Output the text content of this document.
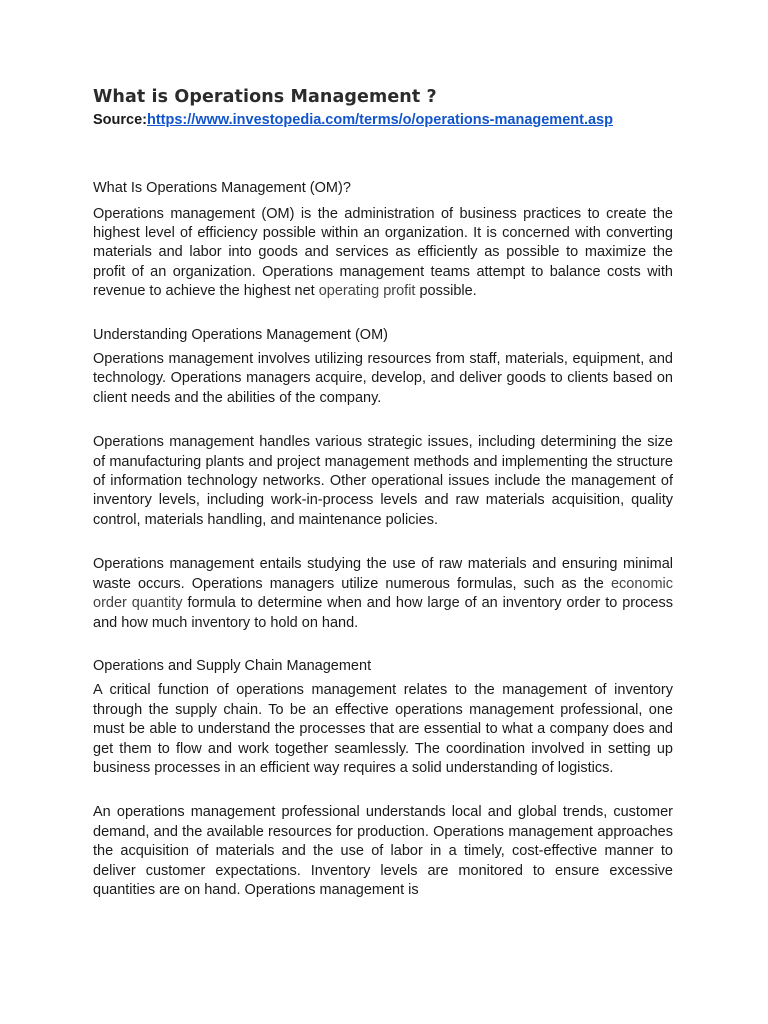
What is Operations Management ?

Source:https://www.investopedia.com/terms/o/operations-management.asp

What Is Operations Management (OM)?

Operations management (OM) is the administration of business practices to create the highest level of efficiency possible within an organization. It is concerned with converting materials and labor into goods and services as efficiently as possible to maximize the profit of an organization. Operations management teams attempt to balance costs with revenue to achieve the highest net operating profit possible.

Understanding Operations Management (OM)

Operations management involves utilizing resources from staff, materials, equipment, and technology. Operations managers acquire, develop, and deliver goods to clients based on client needs and the abilities of the company.

Operations management handles various strategic issues, including determining the size of manufacturing plants and project management methods and implementing the structure of information technology networks. Other operational issues include the management of inventory levels, including work-in-process levels and raw materials acquisition, quality control, materials handling, and maintenance policies.

Operations management entails studying the use of raw materials and ensuring minimal waste occurs. Operations managers utilize numerous formulas, such as the economic order quantity formula to determine when and how large of an inventory order to process and how much inventory to hold on hand.

Operations and Supply Chain Management

A critical function of operations management relates to the management of inventory through the supply chain. To be an effective operations management professional, one must be able to understand the processes that are essential to what a company does and get them to flow and work together seamlessly. The coordination involved in setting up business processes in an efficient way requires a solid understanding of logistics.

An operations management professional understands local and global trends, customer demand, and the available resources for production. Operations management approaches the acquisition of materials and the use of labor in a timely, cost-effective manner to deliver customer expectations. Inventory levels are monitored to ensure excessive quantities are on hand. Operations management is
